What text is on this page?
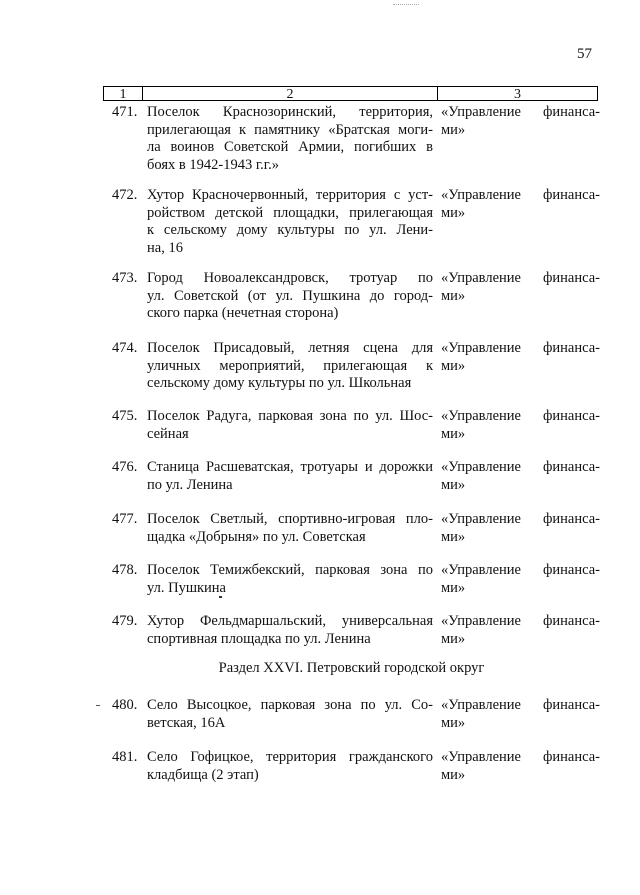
57
1	2	3
471. Поселок Краснозоринский, территория,
прилегающая к памятнику «Братская моги-
ла воинов Советской Армии, погибших в
боях в 1942-1943 г.г.»
«Управление финанса-
ми»
472. Хутор Красночервонный, территория с уст-
ройством детской площадки, прилегающая
к сельскому дому культуры по ул. Лени-
на, 16
«Управление финанса-
ми»
473. Город Новоалександровск, тротуар по
ул. Советской (от ул. Пушкина до город-
ского парка (нечетная сторона)
«Управление финанса-
ми»
474. Поселок Присадовый, летняя сцена для
уличных мероприятий, прилегающая к
сельскому дому культуры по ул. Школьная
«Управление финанса-
ми»
475. Поселок Радуга, парковая зона по ул. Шос-
сейная
«Управление финанса-
ми»
476. Станица Расшеватская, тротуары и дорожки
по ул. Ленина
«Управление финанса-
ми»
477. Поселок Светлый, спортивно-игровая пло-
щадка «Добрыня» по ул. Советская
«Управление финанса-
ми»
478. Поселок Темижбекский, парковая зона по
ул. Пушкина
«Управление финанса-
ми»
479. Хутор Фельдмаршальский, универсальная
спортивная площадка по ул. Ленина
«Управление финанса-
ми»
Раздел XXVI. Петровский городской округ
480. Село Высоцкое, парковая зона по ул. Со-
ветская, 16А
«Управление финанса-
ми»
481. Село Гофицкое, территория гражданского
кладбища (2 этап)
«Управление финанса-
ми»
